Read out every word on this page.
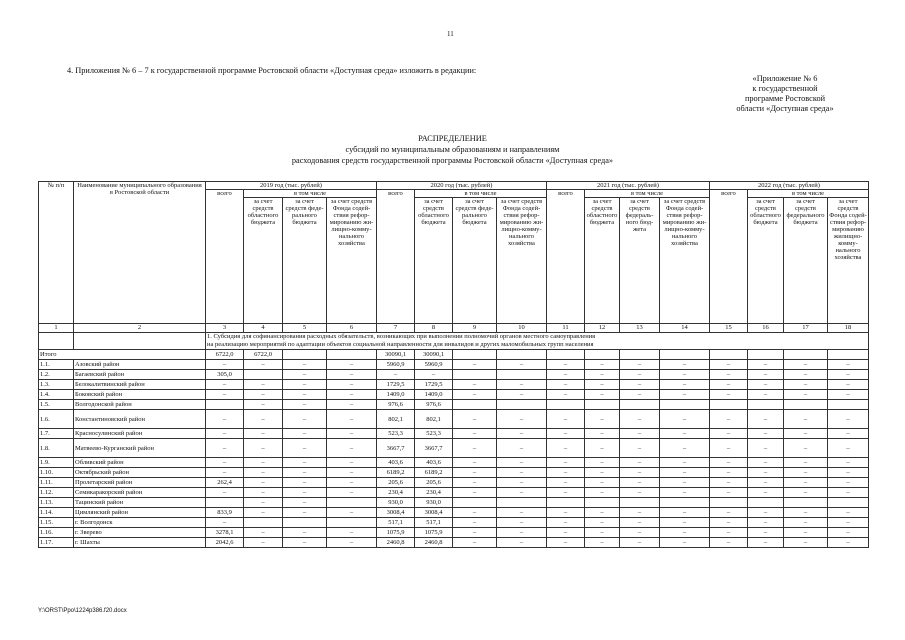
11
4. Приложения № 6 – 7 к государственной программе Ростовской области «Доступная среда» изложить в редакции:
«Приложение № 6
к государственной
программе Ростовской
области «Доступная среда»
РАСПРЕДЕЛЕНИЕ
субсидий по муниципальным образованиям и направлениям
расходования средств государственной программы Ростовской области «Доступная среда»
№ п/п	Наименование муниципального образования в Ростовской области	2019 год (тыс. рублей)				2020 год (тыс. рублей)				2021 год (тыс. рублей)				2022 год (тыс. рублей)			
		всего	в том числе			всего	в том числе			всего	в том числе			всего	в том числе		
			за счет средств областного бюджета	за счет средств федерального бюджета	за счет средств Фонда содействия реформированию жилищно-коммунального хозяйства		за счет средств областного бюджета	за счет средств федерального бюджета	за счет средств Фонда содействия реформированию жилищно-коммунального хозяйства		за счет средств областного бюджета	за счет средств федерального бюджета	за счет средств Фонда содействия реформированию жилищно-коммунального хозяйства		за счет средств областного бюджета	за счет средств федерального бюджета	за счет средств Фонда содействия реформированию жилищно-коммунального хозяйства
1	2	3	4	5	6	7	8	9	10	11	12	13	14	15	16	17	18
		1. Субсидия для софинансирования расходных обязательств, возникающих при выполнении полномочий органов местного самоуправления															
		на реализацию мероприятий по адаптации объектов социальной направленности для инвалидов и других маломобильных групп населения															
Итого		6722,0	6722,0			30090,1	30090,1										
1.1.	Азовский район	–	–	–	–	5960,9	5960,9	–	–	–	–	–	–	–	–	–	–
1.2.	Багаевский район	305,0		–	–	–	–			–	–	–	–	–	–	–	–
1.3.	Белокалитвинский район	–	–	–	–	1729,5	1729,5	–	–	–	–	–	–	–	–	–	–
1.4.	Боковский район	–	–	–	–	1409,0	1409,0	–	–	–	–	–	–	–	–	–	–
1.5.	Волгодонской район		–	–	–	976,6	976,6										
1.6.	Константиновский район	–	–	–	–	802,1	802,1	–	–	–	–	–	–	–	–	–	–
1.7.	Красносулинский район	–	–	–	–	523,3	523,3	–	–	–	–	–	–	–	–	–	–
1.8.	Матвеево-Курганский район	–	–	–	–	3667,7	3667,7	–	–	–	–	–	–	–	–	–	–
1.9.	Обливский район	–	–	–	–	403,6	403,6	–	–	–	–	–	–	–	–	–	–
1.10.	Октябрьский район	–	–	–	–	6189,2	6189,2	–	–	–	–	–	–	–	–	–	–
1.11.	Пролетарский район	262,4	–	–	–	205,6	205,6	–	–	–	–	–	–	–	–	–	–
1.12.	Семикаракорский район	–	–	–	–	230,4	230,4	–	–	–	–	–	–	–	–	–	–
1.13.	Тацинский район		–	–		930,0	930,0										
1.14.	Цимлянский район	833,9	–	–	–	3008,4	3008,4	–	–	–	–	–	–	–	–	–	–
1.15.	г. Волгодонск	–				517,1	517,1	–	–	–	–	–	–	–	–	–	–
1.16.	г. Зверево	3278,1	–	–	–	1075,9	1075,9	–	–	–	–	–	–	–	–	–	–
1.17.	г. Шахты	2042,6	–	–	–	2460,8	2460,8	–	–	–	–	–	–	–	–	–	–
Y:\ORST\Ppo\1224p386.f20.docx
